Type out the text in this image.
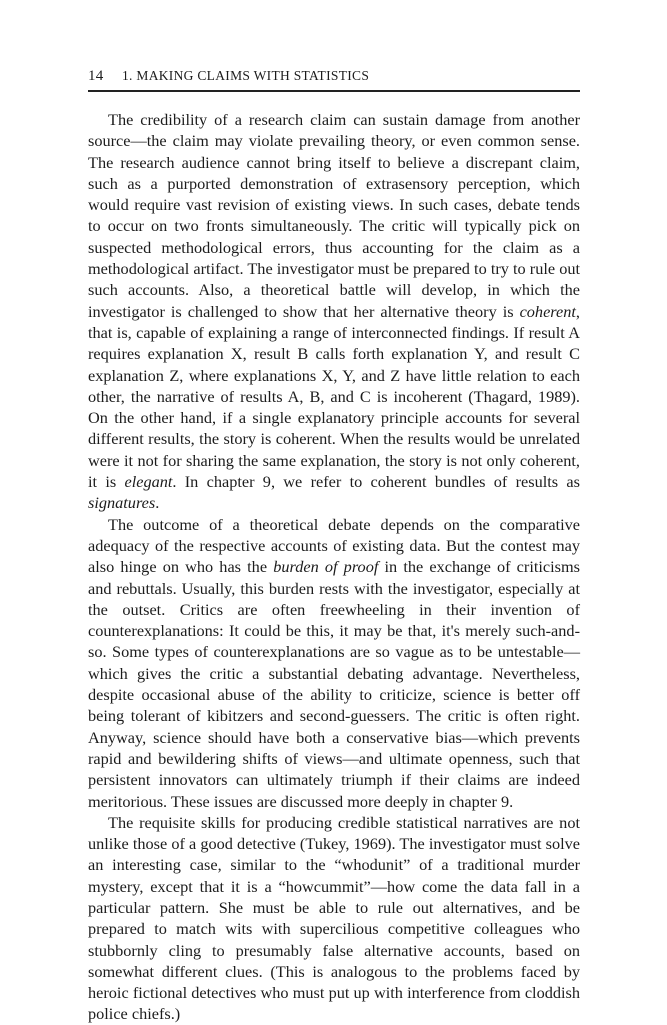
14 1. MAKING CLAIMS WITH STATISTICS

The credibility of a research claim can sustain damage from another source—the claim may violate prevailing theory, or even common sense. The research audience cannot bring itself to believe a discrepant claim, such as a purported demonstration of extrasensory perception, which would require vast revision of existing views. In such cases, debate tends to occur on two fronts simultaneously. The critic will typically pick on suspected methodological errors, thus accounting for the claim as a methodological artifact. The investigator must be prepared to try to rule out such accounts. Also, a theoretical battle will develop, in which the investigator is challenged to show that her alternative theory is coherent, that is, capable of explaining a range of interconnected findings. If result A requires explanation X, result B calls forth explanation Y, and result C explanation Z, where explanations X, Y, and Z have little relation to each other, the narrative of results A, B, and C is incoherent (Thagard, 1989). On the other hand, if a single explanatory principle accounts for several different results, the story is coherent. When the results would be unrelated were it not for sharing the same explanation, the story is not only coherent, it is elegant. In chapter 9, we refer to coherent bundles of results as signatures.

The outcome of a theoretical debate depends on the comparative adequacy of the respective accounts of existing data. But the contest may also hinge on who has the burden of proof in the exchange of criticisms and rebuttals. Usually, this burden rests with the investigator, especially at the outset. Critics are often freewheeling in their invention of counterexplanations: It could be this, it may be that, it's merely such-and-so. Some types of counterexplanations are so vague as to be untestable—which gives the critic a substantial debating advantage. Nevertheless, despite occasional abuse of the ability to criticize, science is better off being tolerant of kibitzers and second-guessers. The critic is often right. Anyway, science should have both a conservative bias—which prevents rapid and bewildering shifts of views—and ultimate openness, such that persistent innovators can ultimately triumph if their claims are indeed meritorious. These issues are discussed more deeply in chapter 9.

The requisite skills for producing credible statistical narratives are not unlike those of a good detective (Tukey, 1969). The investigator must solve an interesting case, similar to the “whodunit” of a traditional murder mystery, except that it is a “howcummit”—how come the data fall in a particular pattern. She must be able to rule out alternatives, and be prepared to match wits with supercilious competitive colleagues who stubbornly cling to presumably false alternative accounts, based on somewhat different clues. (This is analogous to the problems faced by heroic fictional detectives who must put up with interference from cloddish police chiefs.)
